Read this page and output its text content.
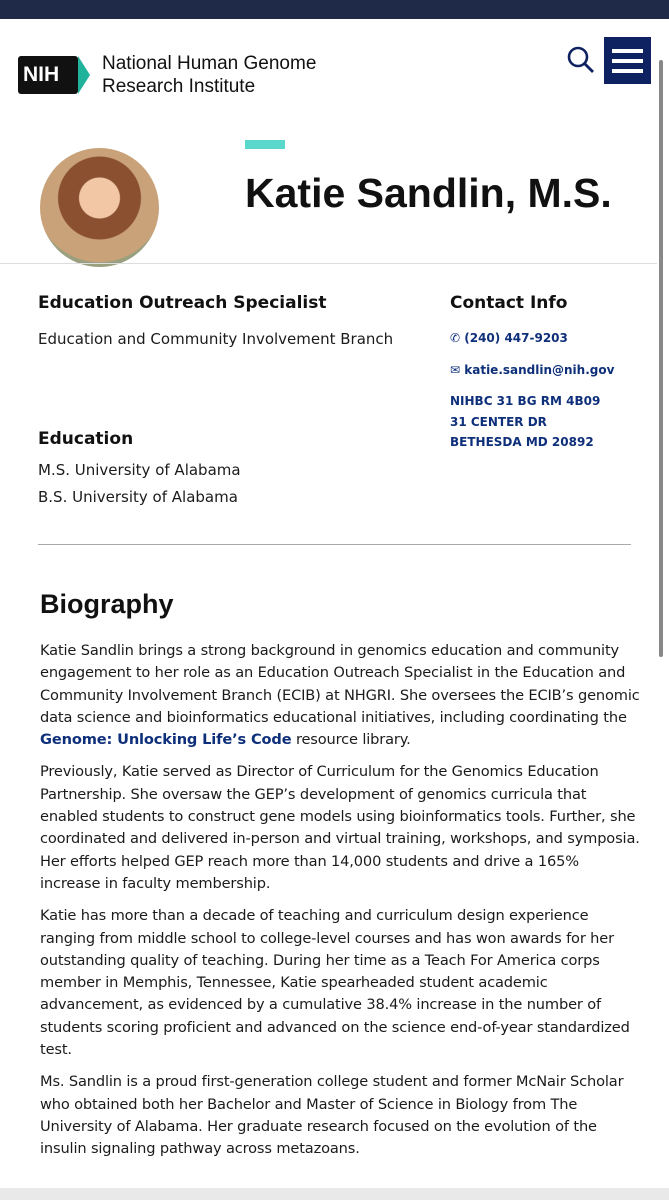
NIH	National Human Genome
Research Institute
Katie Sandlin, M.S.
Education Outreach Specialist

Education and Community Involvement Branch

Education

M.S. University of Alabama

B.S. University of Alabama

Contact Info
✆ (240) 447-9203
✉ katie.sandlin@nih.gov
NIHBC 31 BG RM 4B09
31 CENTER DR
BETHESDA MD 20892
Biography

Katie Sandlin brings a strong background in genomics education and community engagement to her role as an Education Outreach Specialist in the Education and Community Involvement Branch (ECIB) at NHGRI. She oversees the ECIB’s genomic data science and bioinformatics educational initiatives, including coordinating the Genome: Unlocking Life’s Code resource library.

Previously, Katie served as Director of Curriculum for the Genomics Education Partnership. She oversaw the GEP’s development of genomics curricula that enabled students to construct gene models using bioinformatics tools. Further, she coordinated and delivered in-person and virtual training, workshops, and symposia. Her efforts helped GEP reach more than 14,000 students and drive a 165% increase in faculty membership.

Katie has more than a decade of teaching and curriculum design experience ranging from middle school to college-level courses and has won awards for her outstanding quality of teaching. During her time as a Teach For America corps member in Memphis, Tennessee, Katie spearheaded student academic advancement, as evidenced by a cumulative 38.4% increase in the number of students scoring proficient and advanced on the science end-of-year standardized test.

Ms. Sandlin is a proud first-generation college student and former McNair Scholar who obtained both her Bachelor and Master of Science in Biology from The University of Alabama. Her graduate research focused on the evolution of the insulin signaling pathway across metazoans.
